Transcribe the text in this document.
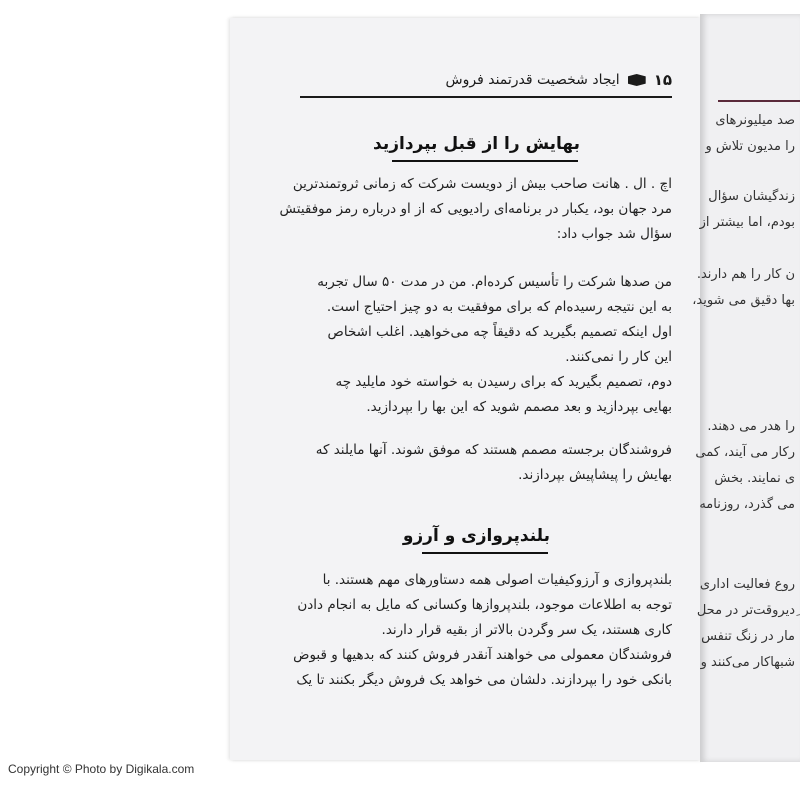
۱۵
ایجاد شخصیت قدرتمند فروش
بهایش را از قبل بپردازید
اچ . ال . هانت صاحب بیش از دویست شرکت که زمانی ثروتمندترین
مرد جهان بود، یکبار در برنامه‌ای رادیویی که از او درباره رمز موفقیتش
سؤال شد جواب داد:
من صدها شرکت را تأسیس کرده‌ام. من در مدت ۵۰ سال تجربه
به این نتیجه رسیده‌ام که برای موفقیت به دو چیز احتیاج است.
اول اینکه تصمیم بگیرید که دقیقاً چه می‌خواهید. اغلب اشخاص
این کار را نمی‌کنند.
دوم، تصمیم بگیرید که برای رسیدن به خواسته خود مایلید چه
بهایی بپردازید و بعد مصمم شوید که این بها را بپردازید.
فروشندگان برجسته مصمم هستند که موفق شوند. آنها مایلند که
بهایش را پیشاپیش بپردازند.
بلندپروازی و آرزو
بلندپروازی و آرزوکیفیات اصولی همه دستاورهای مهم هستند. با
توجه به اطلاعات موجود، بلندپروازها وکسانی که مایل به انجام دادن
کاری هستند، یک سر وگردن بالاتر از بقیه قرار دارند.
فروشندگان معمولی می خواهند آنقدر فروش کنند که بدهیها و قبوض
بانکی خود را بپردازند. دلشان می خواهد یک فروش دیگر بکنند تا یک
صد میلیونرهای
را مدیون تلاش و
زندگیشان سؤال
بودم، اما بیشتر از
ن کار را هم دارند.
بها دقیق می شوید،
را هدر می دهند.
رکار می آیند، کمی
ی نمایند. بخش
می گذرد، روزنامه
روع فعالیت اداری
ِدیروقت‌تر در محل
مار در زنگ تنفس
شبهاکار می‌کنند و
Copyright © Photo by Digikala.com
